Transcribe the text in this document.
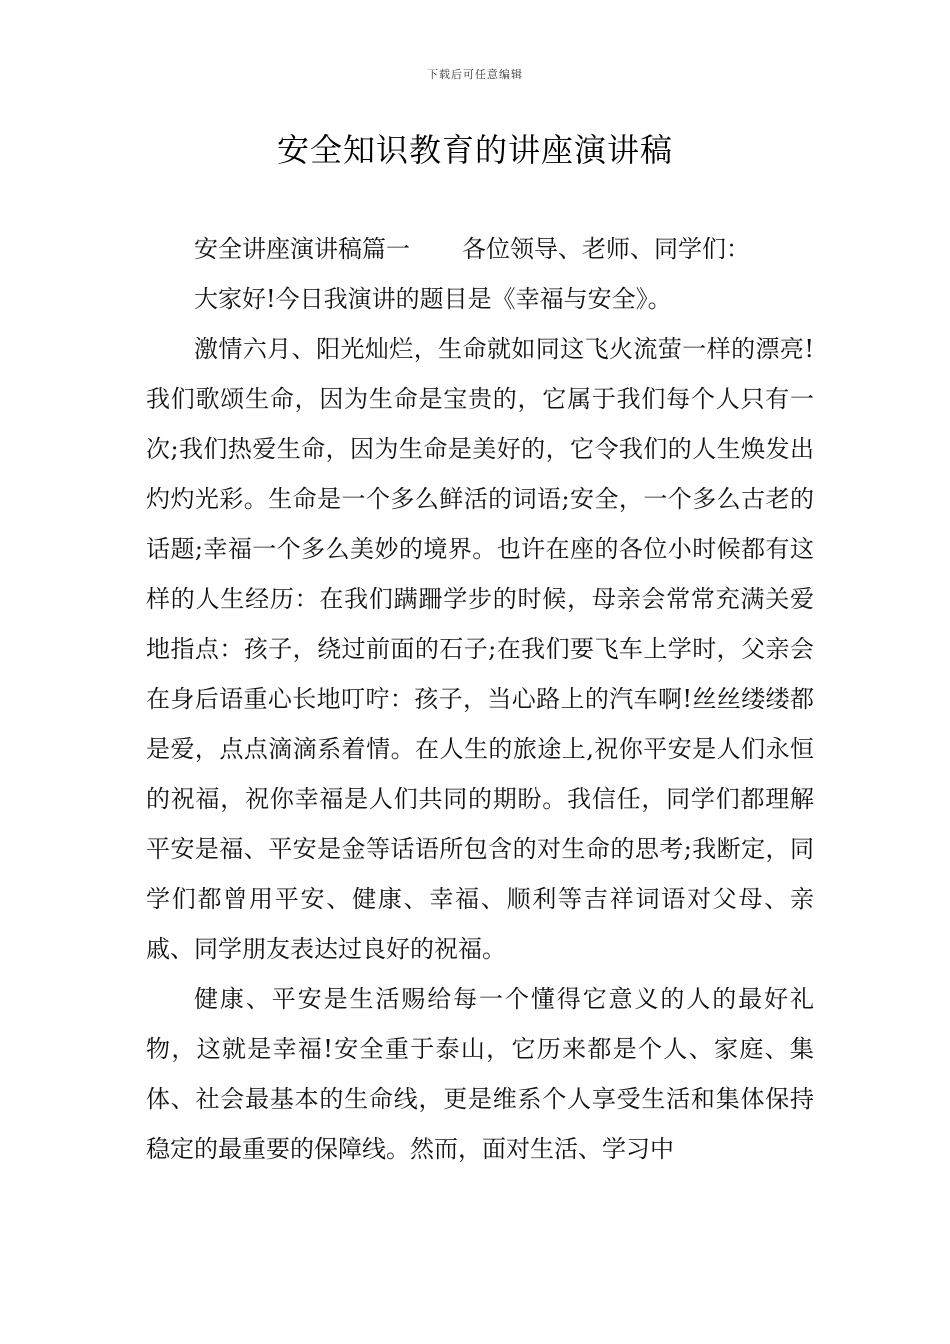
下载后可任意编辑
安全知识教育的讲座演讲稿

安全讲座演讲稿篇一 各位领导、老师、同学们：

大家好!今日我演讲的题目是《幸福与安全》。

激情六月、阳光灿烂，生命就如同这飞火流萤一样的漂亮!我们歌颂生命，因为生命是宝贵的，它属于我们每个人只有一次;我们热爱生命，因为生命是美好的，它令我们的人生焕发出灼灼光彩。生命是一个多么鲜活的词语;安全，一个多么古老的话题;幸福一个多么美妙的境界。也许在座的各位小时候都有这样的人生经历：在我们蹒跚学步的时候，母亲会常常充满关爱地指点：孩子，绕过前面的石子;在我们要飞车上学时，父亲会在身后语重心长地叮咛：孩子，当心路上的汽车啊!丝丝缕缕都是爱，点点滴滴系着情。在人生的旅途上,祝你平安是人们永恒的祝福，祝你幸福是人们共同的期盼。我信任，同学们都理解平安是福、平安是金等话语所包含的对生命的思考;我断定，同学们都曾用平安、健康、幸福、顺利等吉祥词语对父母、亲戚、同学朋友表达过良好的祝福。

健康、平安是生活赐给每一个懂得它意义的人的最好礼物，这就是幸福!安全重于泰山，它历来都是个人、家庭、集体、社会最基本的生命线，更是维系个人享受生活和集体保持稳定的最重要的保障线。然而，面对生活、学习中
